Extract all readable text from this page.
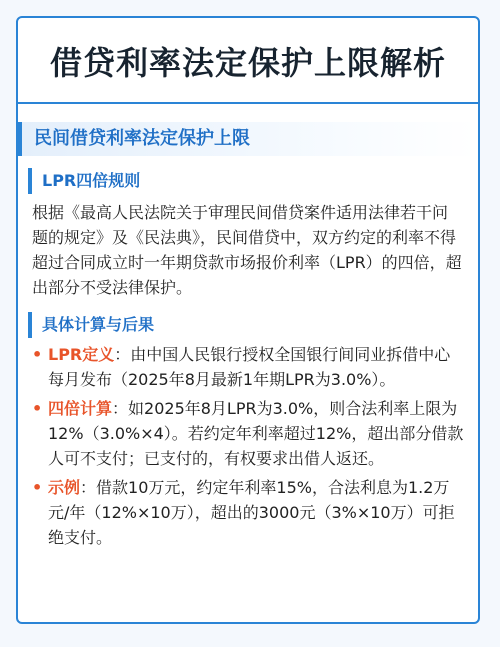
借贷利率法定保护上限解析
民间借贷利率法定保护上限
LPR四倍规则

根据《最高人民法院关于审理民间借贷案件适用法律若干问题的规定》及《民法典》，民间借贷中，双方约定的利率不得超过合同成立时一年期贷款市场报价利率（LPR）的四倍，超出部分不受法律保护。

具体计算与后果
• LPR定义：由中国人民银行授权全国银行间同业拆借中心每月发布（2025年8月最新1年期LPR为3.0%）。
• 四倍计算：如2025年8月LPR为3.0%，则合法利率上限为12%（3.0%×4）。若约定年利率超过12%，超出部分借款人可不支付；已支付的，有权要求出借人返还。
• 示例：借款10万元，约定年利率15%，合法利息为1.2万元/年（12%×10万），超出的3000元（3%×10万）可拒绝支付。
